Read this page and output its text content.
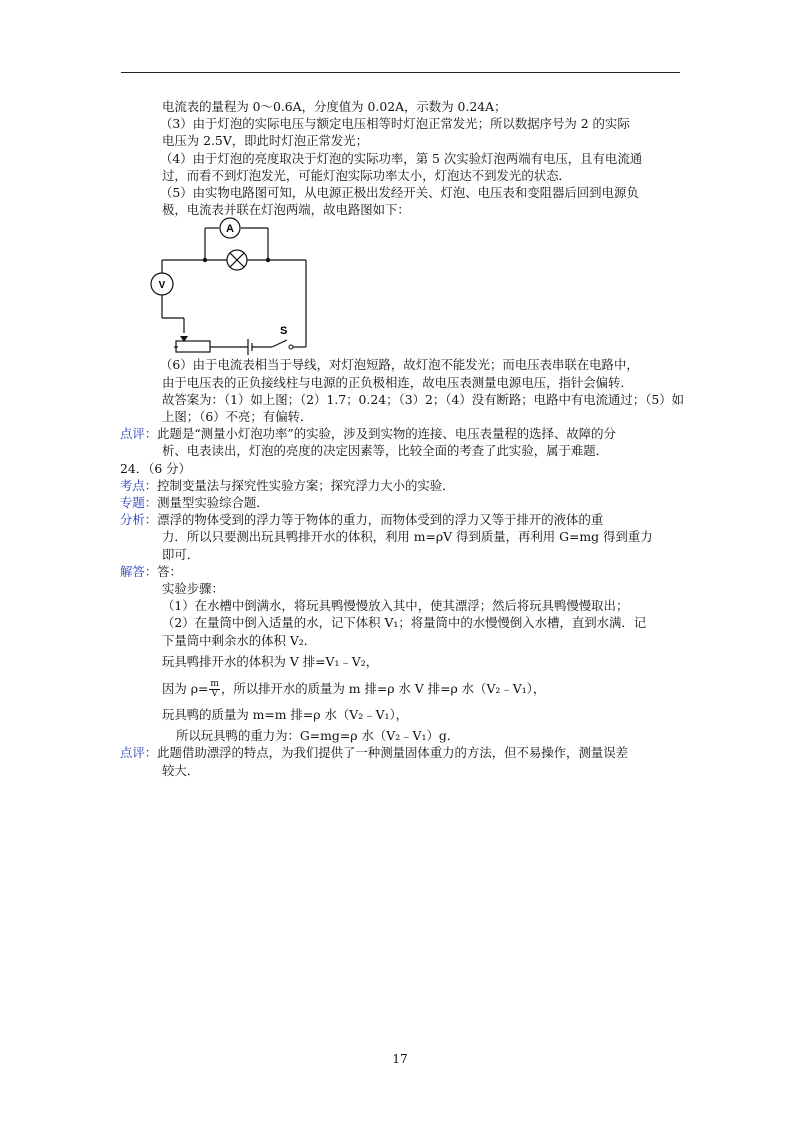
电流表的量程为 0～0.6A，分度值为 0.02A，示数为 0.24A；
（3）由于灯泡的实际电压与额定电压相等时灯泡正常发光；所以数据序号为 2 的实际
电压为 2.5V，即此时灯泡正常发光；
（4）由于灯泡的亮度取决于灯泡的实际功率，第 5 次实验灯泡两端有电压，且有电流通
过，而看不到灯泡发光，可能灯泡实际功率太小，灯泡达不到发光的状态．
（5）由实物电路图可知，从电源正极出发经开关、灯泡、电压表和变阻器后回到电源负
极，电流表并联在灯泡两端，故电路图如下：
A
V
S
（6）由于电流表相当于导线，对灯泡短路，故灯泡不能发光；而电压表串联在电路中，
由于电压表的正负接线柱与电源的正负极相连，故电压表测量电源电压，指针会偏转．
故答案为：（1）如上图；（2）1.7；0.24；（3）2；（4）没有断路；电路中有电流通过；（5）如
上图；（6）不亮；有偏转．
点评：此题是“测量小灯泡功率”的实验，涉及到实物的连接、电压表量程的选择、故障的分
析、电表读出，灯泡的亮度的决定因素等，比较全面的考查了此实验，属于难题．
24．（6 分）
考点：控制变量法与探究性实验方案；探究浮力大小的实验．
专题：测量型实验综合题．
分析：漂浮的物体受到的浮力等于物体的重力，而物体受到的浮力又等于排开的液体的重
力．所以只要测出玩具鸭排开水的体积，利用 m=ρV 得到质量，再利用 G=mg 得到重力
即可．
解答：答：
实验步骤：
（1）在水槽中倒满水，将玩具鸭慢慢放入其中，使其漂浮；然后将玩具鸭慢慢取出；
（2）在量筒中倒入适量的水，记下体积 V₁；将量筒中的水慢慢倒入水槽，直到水满．记
下量筒中剩余水的体积 V₂．
玩具鸭排开水的体积为 V 排=V₁﹣V₂，
因为 $\rho= \frac{m}{V}$ ，所以排开水的质量为 m 排=ρ 水 V 排=ρ 水（V₂﹣V₁），
玩具鸭的质量为 m=m 排=ρ 水（V₂﹣V₁），
所以玩具鸭的重力为：G=mg=ρ 水（V₂﹣V₁）g．
点评：此题借助漂浮的特点，为我们提供了一种测量固体重力的方法，但不易操作，测量误差
较大．
17
